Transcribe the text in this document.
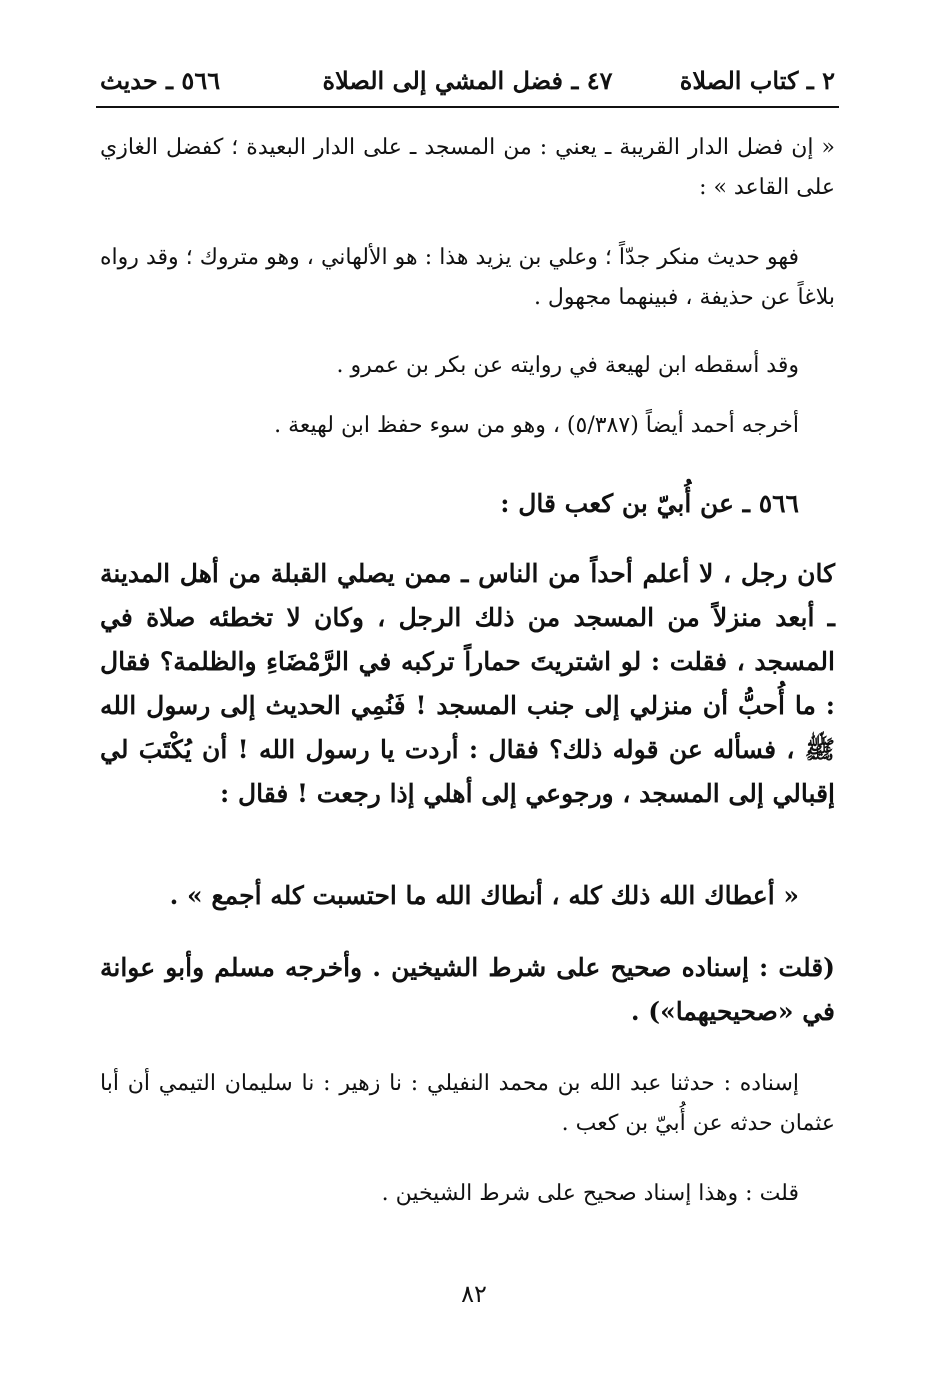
٢ ـ كتاب الصلاة
٤٧ ـ فضل المشي إلى الصلاة
٥٦٦ ـ حديث

« إن فضل الدار القريبة ـ يعني : من المسجد ـ على الدار البعيدة ؛ كفضل الغازي على القاعد » :

فهو حديث منكر جدّاً ؛ وعلي بن يزيد هذا : هو الألهاني ، وهو متروك ؛ وقد رواه بلاغاً عن حذيفة ، فبينهما مجهول .

وقد أسقطه ابن لهيعة في روايته عن بكر بن عمرو .

أخرجه أحمد أيضاً (٥/٣٨٧) ، وهو من سوء حفظ ابن لهيعة .

٥٦٦ ـ عن أُبيّ بن كعب قال :

كان رجل ، لا أعلم أحداً من الناس ـ ممن يصلي القبلة من أهل المدينة ـ أبعد منزلاً من المسجد من ذلك الرجل ، وكان لا تخطئه صلاة في المسجد ، فقلت : لو اشتريتَ حماراً تركبه في الرَّمْضَاءِ والظلمة؟ فقال : ما أُحبُّ أن منزلي إلى جنب المسجد ! فَنُمِي الحديث إلى رسول الله ﷺ ، فسأله عن قوله ذلك؟ فقال : أردت يا رسول الله ! أن يُكْتَبَ لي إقبالي إلى المسجد ، ورجوعي إلى أهلي إذا رجعت ! فقال :

« أعطاك الله ذلك كله ، أنطاك الله ما احتسبت كله أجمع » .

(قلت : إسناده صحيح على شرط الشيخين . وأخرجه مسلم وأبو عوانة في «صحيحيهما») .

إسناده : حدثنا عبد الله بن محمد النفيلي : نا زهير : نا سليمان التيمي أن أبا عثمان حدثه عن أُبيّ بن كعب .

قلت : وهذا إسناد صحيح على شرط الشيخين .

٨٢
